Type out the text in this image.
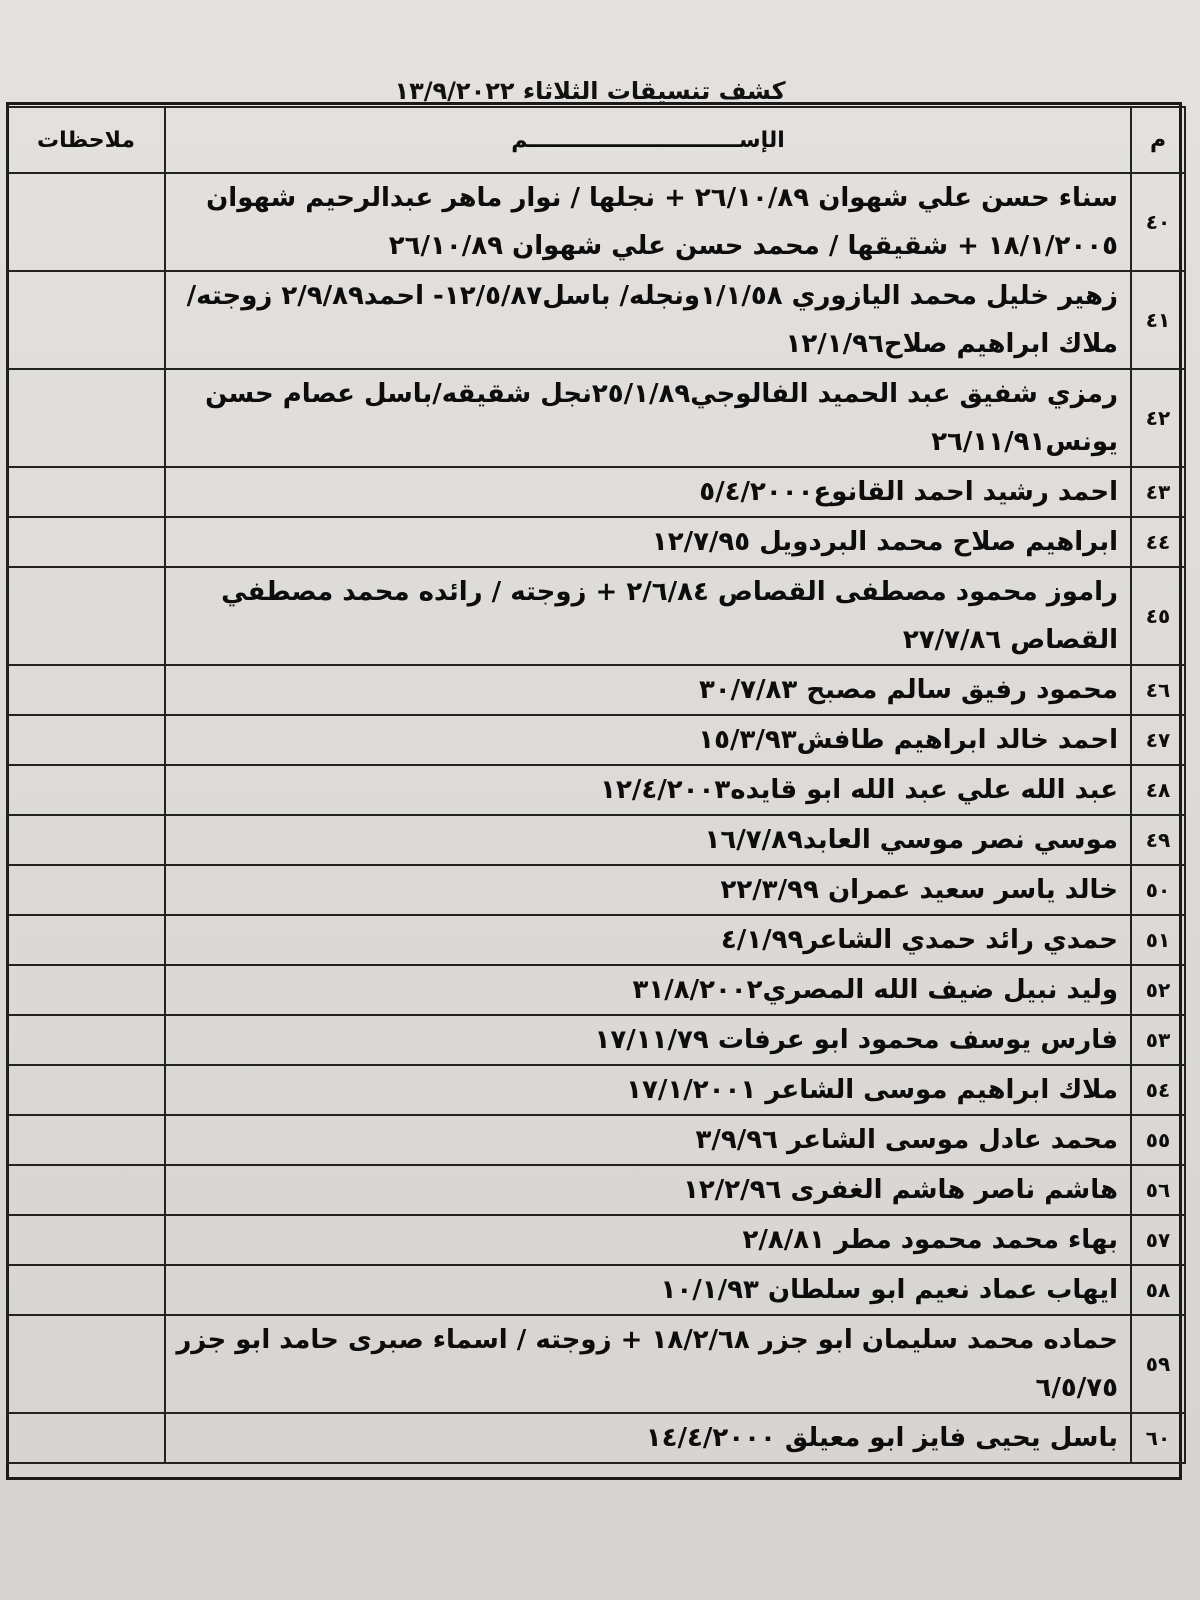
كشف تنسيقات الثلاثاء ١٣/٩/٢٠٢٢
م	الإســــــــــــــــــــــــــــم	ملاحظات
٤٠	سناء حسن علي شهوان ٢٦/١٠/٨٩ + نجلها / نوار ماهر عبدالرحيم شهوان ١٨/١/٢٠٠٥ + شقيقها / محمد حسن علي شهوان ٢٦/١٠/٨٩	
٤١	زهير خليل محمد اليازوري ١/١/٥٨ونجله/ باسل١٢/٥/٨٧- احمد٢/٩/٨٩ زوجته/ملاك ابراهيم صلاح١٢/١/٩٦	
٤٢	رمزي شفيق عبد الحميد الفالوجي٢٥/١/٨٩نجل شقيقه/باسل عصام حسن يونس٢٦/١١/٩١	
٤٣	احمد رشيد احمد القانوع٥/٤/٢٠٠٠	
٤٤	ابراهيم صلاح محمد البردويل ١٢/٧/٩٥	
٤٥	راموز محمود مصطفى القصاص ٢/٦/٨٤ + زوجته / رائده محمد مصطفي القصاص ٢٧/٧/٨٦	
٤٦	محمود رفيق سالم مصبح ٣٠/٧/٨٣	
٤٧	احمد خالد ابراهيم طافش١٥/٣/٩٣	
٤٨	عبد الله علي عبد الله ابو قايده١٢/٤/٢٠٠٣	
٤٩	موسي نصر موسي العابد١٦/٧/٨٩	
٥٠	خالد ياسر سعيد عمران ٢٢/٣/٩٩	
٥١	حمدي رائد حمدي الشاعر٤/١/٩٩	
٥٢	وليد نبيل ضيف الله المصري٣١/٨/٢٠٠٢	
٥٣	فارس يوسف محمود ابو عرفات ١٧/١١/٧٩	
٥٤	ملاك ابراهيم موسى الشاعر ١٧/١/٢٠٠١	
٥٥	محمد عادل موسى الشاعر ٣/٩/٩٦	
٥٦	هاشم ناصر هاشم الغفرى ١٢/٢/٩٦	
٥٧	بهاء محمد محمود مطر ٢/٨/٨١	
٥٨	ايهاب عماد نعيم ابو سلطان ١٠/١/٩٣	
٥٩	حماده محمد سليمان ابو جزر ١٨/٢/٦٨ + زوجته / اسماء صبرى حامد ابو جزر ٦/٥/٧٥	
٦٠	باسل يحيى فايز ابو معيلق ١٤/٤/٢٠٠٠	
